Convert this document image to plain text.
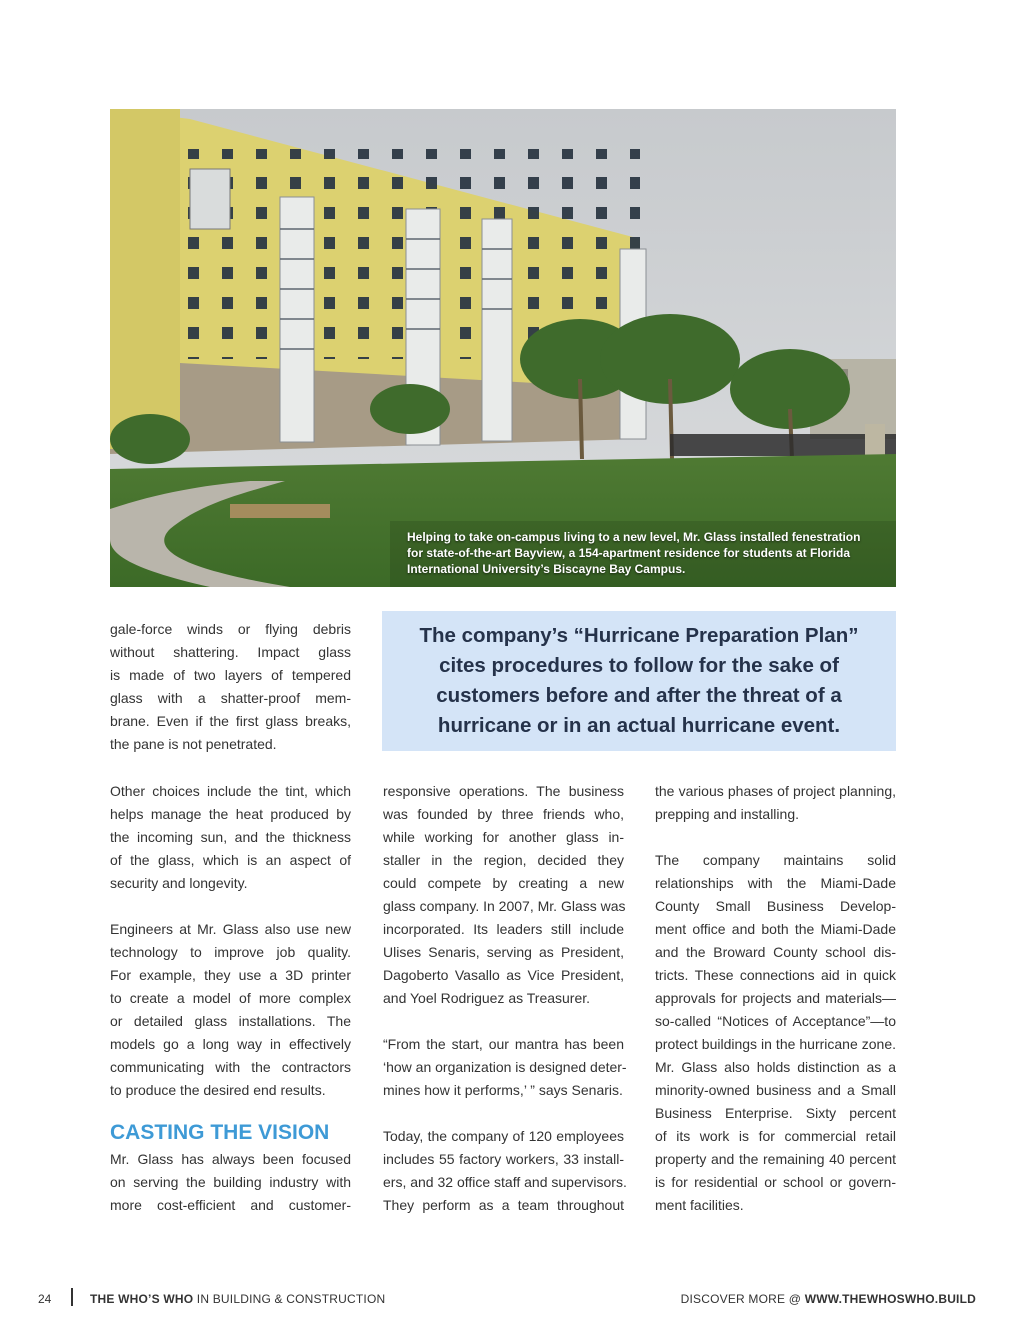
Helping to take on-campus living to a new level, Mr. Glass installed fenestration
for state-of-the-art Bayview, a 154-apartment residence for students at Florida
International University’s Biscayne Bay Campus.
The company’s “Hurricane Preparation Plan”
cites procedures to follow for the sake of
customers before and after the threat of a
hurricane or in an actual hurricane event.
gale-force winds or flying debris
without shattering. Impact glass
is made of two layers of tempered
glass with a shatter-proof mem-
brane. Even if the first glass breaks,
the pane is not penetrated.
Other choices include the tint, which
helps manage the heat produced by
the incoming sun, and the thickness
of the glass, which is an aspect of
security and longevity.
Engineers at Mr. Glass also use new
technology to improve job quality.
For example, they use a 3D printer
to create a model of more complex
or detailed glass installations. The
models go a long way in effectively
communicating with the contractors
to produce the desired end results.
CASTING THE VISION
Mr. Glass has always been focused
on serving the building industry with
more cost-efficient and customer-
responsive operations. The business
was founded by three friends who,
while working for another glass in-
staller in the region, decided they
could compete by creating a new
glass company. In 2007, Mr. Glass was
incorporated. Its leaders still include
Ulises Senaris, serving as President,
Dagoberto Vasallo as Vice President,
and Yoel Rodriguez as Treasurer.
“From the start, our mantra has been
‘how an organization is designed deter-
mines how it performs,’ ” says Senaris.
Today, the company of 120 employees
includes 55 factory workers, 33 install-
ers, and 32 office staff and supervisors.
They perform as a team throughout
the various phases of project planning,
prepping and installing.
The company maintains solid
relationships with the Miami-Dade
County Small Business Develop-
ment office and both the Miami-Dade
and the Broward County school dis-
tricts. These connections aid in quick
approvals for projects and materials—
so-called “Notices of Acceptance”—to
protect buildings in the hurricane zone.
Mr. Glass also holds distinction as a
minority-owned business and a Small
Business Enterprise. Sixty percent
of its work is for commercial retail
property and the remaining 40 percent
is for residential or school or govern-
ment facilities.
24	THE WHO’S WHO IN BUILDING & CONSTRUCTION	DISCOVER MORE @ WWW.THEWHOSWHO.BUILD
